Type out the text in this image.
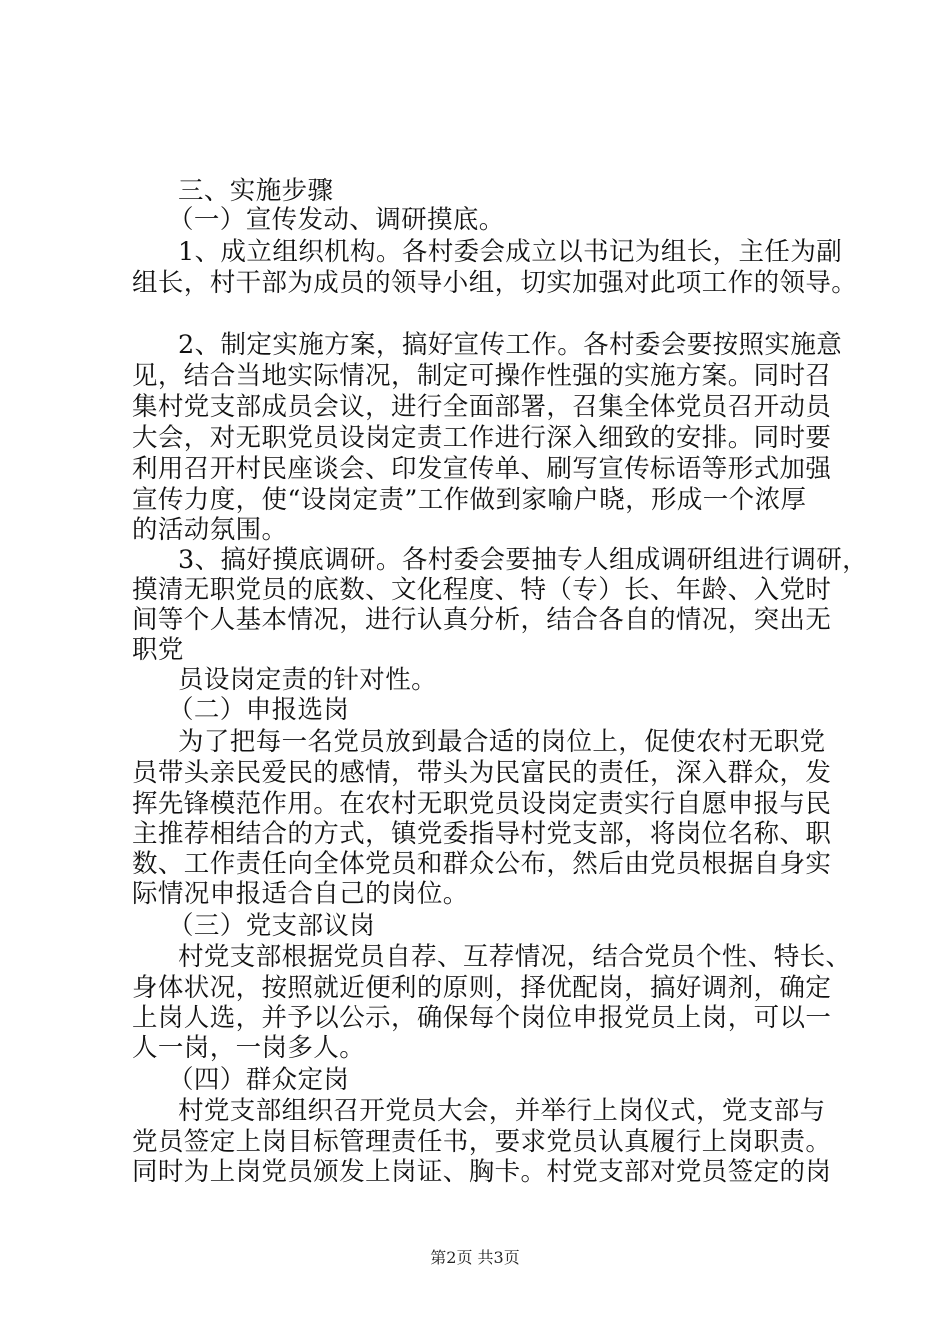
三、实施步骤
（一）宣传发动、调研摸底。
1、成立组织机构。各村委会成立以书记为组长，主任为副
组长，村干部为成员的领导小组，切实加强对此项工作的领导。
2、制定实施方案，搞好宣传工作。各村委会要按照实施意
见，结合当地实际情况，制定可操作性强的实施方案。同时召
集村党支部成员会议，进行全面部署，召集全体党员召开动员
大会，对无职党员设岗定责工作进行深入细致的安排。同时要
利用召开村民座谈会、印发宣传单、刷写宣传标语等形式加强
宣传力度，使“设岗定责”工作做到家喻户晓，形成一个浓厚
的活动氛围。
3、搞好摸底调研。各村委会要抽专人组成调研组进行调研，
摸清无职党员的底数、文化程度、特（专）长、年龄、入党时
间等个人基本情况，进行认真分析，结合各自的情况，突出无
职党
员设岗定责的针对性。
（二）申报选岗
为了把每一名党员放到最合适的岗位上，促使农村无职党
员带头亲民爱民的感情，带头为民富民的责任，深入群众，发
挥先锋模范作用。在农村无职党员设岗定责实行自愿申报与民
主推荐相结合的方式，镇党委指导村党支部，将岗位名称、职
数、工作责任向全体党员和群众公布，然后由党员根据自身实
际情况申报适合自己的岗位。
（三）党支部议岗
村党支部根据党员自荐、互荐情况，结合党员个性、特长、
身体状况，按照就近便利的原则，择优配岗，搞好调剂，确定
上岗人选，并予以公示，确保每个岗位申报党员上岗，可以一
人一岗，一岗多人。
（四）群众定岗
村党支部组织召开党员大会，并举行上岗仪式，党支部与
党员签定上岗目标管理责任书，要求党员认真履行上岗职责。
同时为上岗党员颁发上岗证、胸卡。村党支部对党员签定的岗
第2页 共3页
